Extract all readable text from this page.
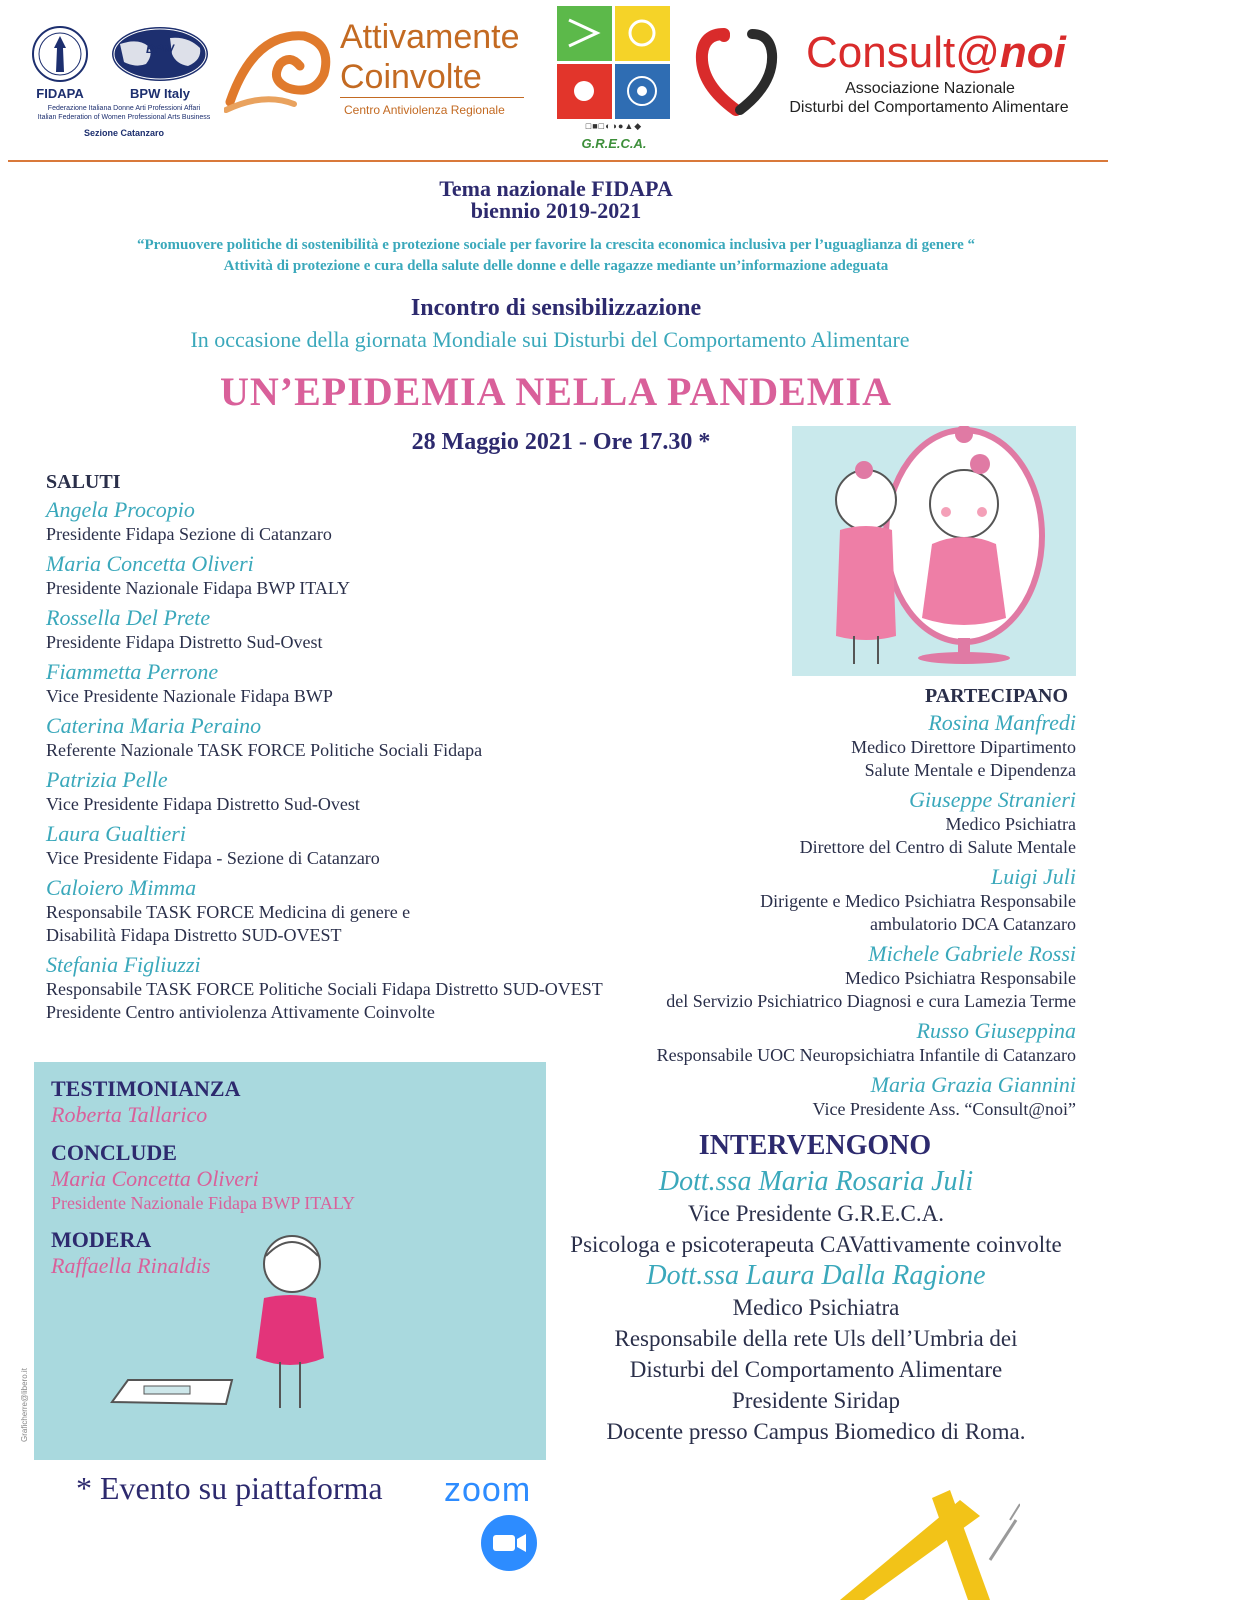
FIDAPA
BPW
BPW Italy
Federazione Italiana Donne Arti Professioni Affari
Italian Federation of Women Professional Arts Business
Sezione Catanzaro
Attivamente
Coinvolte
Centro Antiviolenza Regionale
□■□◐◑●▲◆
G.R.E.C.A.
Consult@noi
Associazione Nazionale
Disturbi del Comportamento Alimentare
Tema nazionale FIDAPA
biennio 2019-2021
“Promuovere politiche di sostenibilità e protezione sociale per favorire la crescita economica inclusiva per l’uguaglianza di genere “
Attività di protezione e cura della salute delle donne e delle ragazze mediante un’informazione adeguata
Incontro di sensibilizzazione
In occasione della giornata Mondiale sui Disturbi del Comportamento Alimentare
UN’EPIDEMIA NELLA PANDEMIA
28 Maggio 2021 - Ore 17.30 *
SALUTI
Angela Procopio
Presidente Fidapa Sezione di Catanzaro
Maria Concetta Oliveri
Presidente Nazionale Fidapa BWP ITALY
Rossella Del Prete
Presidente Fidapa Distretto Sud-Ovest
Fiammetta Perrone
Vice Presidente Nazionale Fidapa BWP
Caterina Maria Peraino
Referente Nazionale TASK FORCE Politiche Sociali Fidapa
Patrizia Pelle
Vice Presidente Fidapa Distretto Sud-Ovest
Laura Gualtieri
Vice Presidente Fidapa - Sezione di Catanzaro
Caloiero Mimma
Responsabile TASK FORCE Medicina di genere e
Disabilità Fidapa Distretto SUD-OVEST
Stefania Figliuzzi
Responsabile TASK FORCE Politiche Sociali Fidapa Distretto SUD-OVEST
Presidente Centro antiviolenza Attivamente Coinvolte
PARTECIPANO
Rosina Manfredi
Medico Direttore Dipartimento
Salute Mentale e Dipendenza
Giuseppe Stranieri
Medico Psichiatra
Direttore del Centro di Salute Mentale
Luigi Juli
Dirigente e Medico Psichiatra Responsabile
ambulatorio DCA Catanzaro
Michele Gabriele Rossi
Medico Psichiatra Responsabile
del Servizio Psichiatrico Diagnosi e cura Lamezia Terme
Russo Giuseppina
Responsabile UOC Neuropsichiatra Infantile di Catanzaro
Maria Grazia Giannini
Vice Presidente Ass. “Consult@noi”
TESTIMONIANZA
Roberta Tallarico
CONCLUDE
Maria Concetta Oliveri
Presidente Nazionale Fidapa BWP ITALY
MODERA
Raffaella Rinaldis
Graficherre@libero.it
INTERVENGONO
Dott.ssa Maria Rosaria Juli
Vice Presidente G.R.E.C.A.
Psicologa e psicoterapeuta CAVattivamente coinvolte
Dott.ssa Laura Dalla Ragione
Medico Psichiatra
Responsabile della rete Uls dell’Umbria dei
Disturbi del Comportamento Alimentare
Presidente Siridap
Docente presso Campus Biomedico di Roma.
* Evento su piattaforma zoom
